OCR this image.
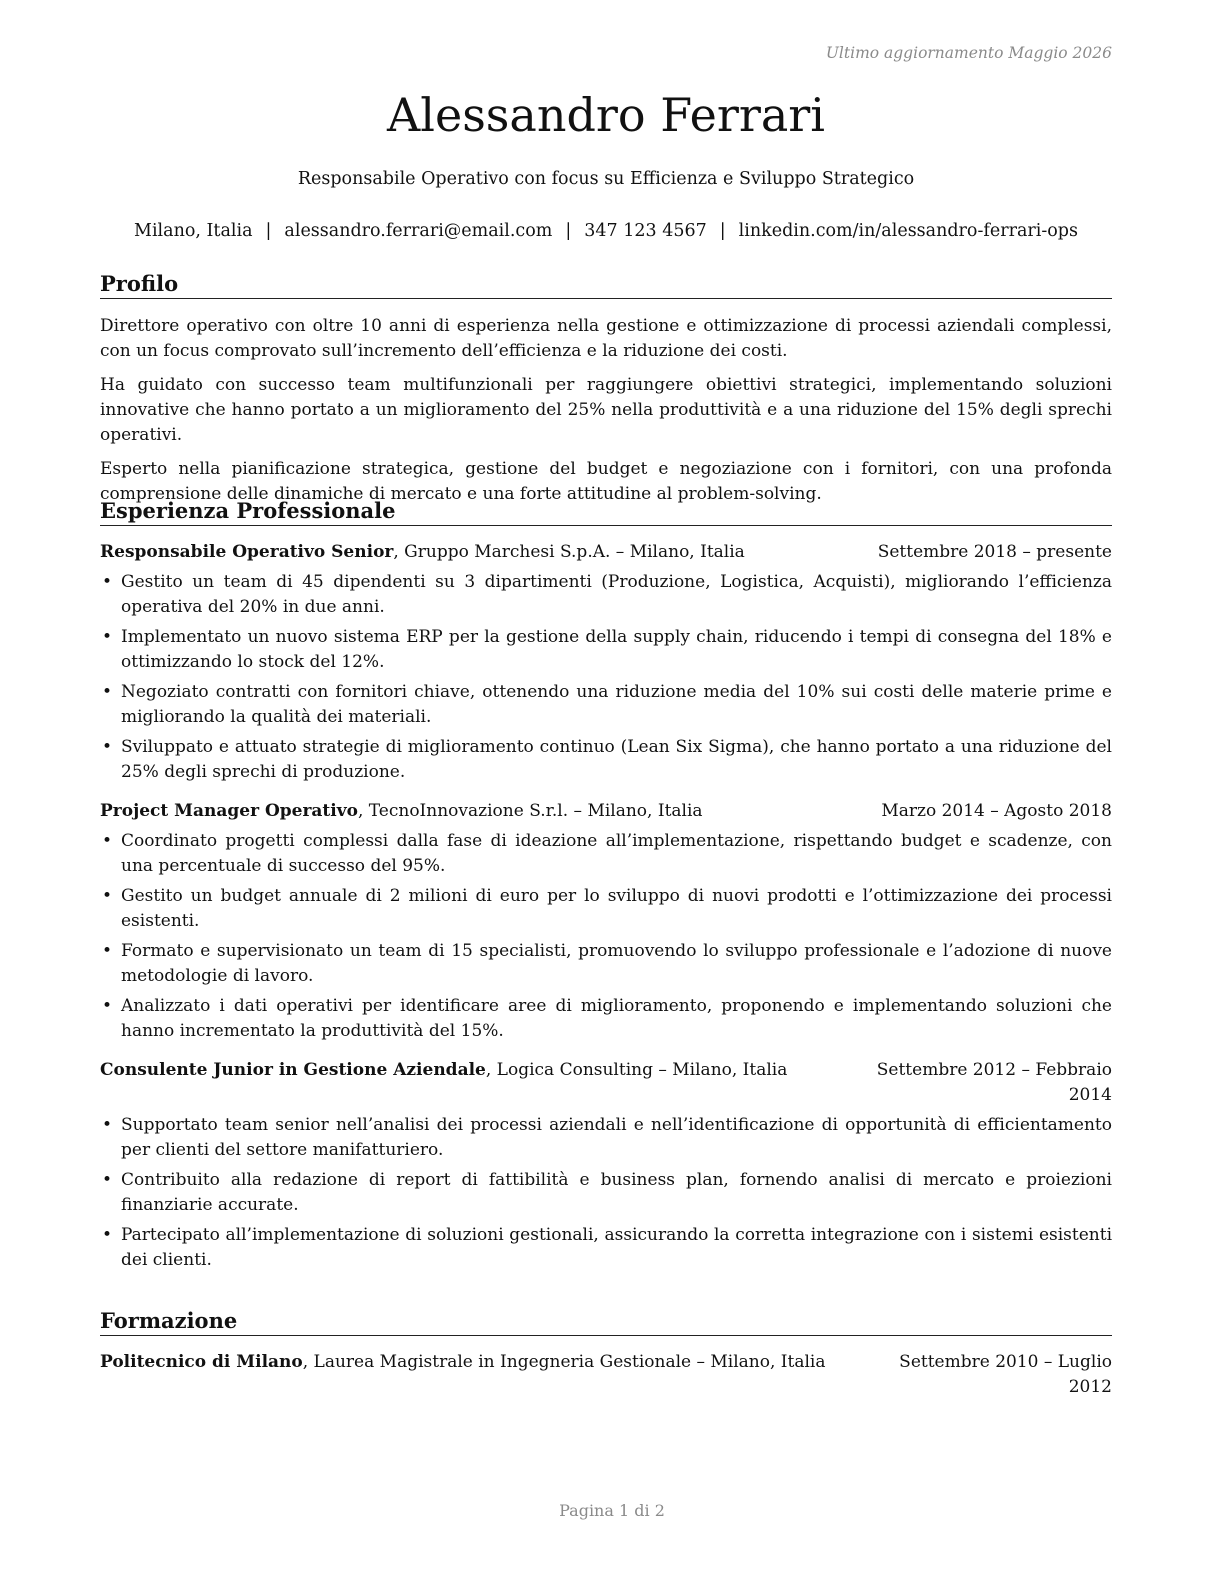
Ultimo aggiornamento Maggio 2026
Alessandro Ferrari
Responsabile Operativo con focus su Efficienza e Sviluppo Strategico
Milano, Italia | alessandro.ferrari@email.com | 347 123 4567 | linkedin.com/in/alessandro-ferrari-ops
Profilo

Direttore operativo con oltre 10 anni di esperienza nella gestione e ottimizzazione di processi aziendali complessi, con un focus comprovato sull’incremento dell’efficienza e la riduzione dei costi.

Ha guidato con successo team multifunzionali per raggiungere obiettivi strategici, implementando soluzioni innovative che hanno portato a un miglioramento del 25% nella produttività e a una riduzione del 15% degli sprechi operativi.

Esperto nella pianificazione strategica, gestione del budget e negoziazione con i fornitori, con una profonda comprensione delle dinamiche di mercato e una forte attitudine al problem-solving.

Esperienza Professionale
Responsabile Operativo Senior, Gruppo Marchesi S.p.A. – Milano, Italia	Settembre 2018 – presente
• Gestito un team di 45 dipendenti su 3 dipartimenti (Produzione, Logistica, Acquisti), migliorando l’efficienza operativa del 20% in due anni.
• Implementato un nuovo sistema ERP per la gestione della supply chain, riducendo i tempi di consegna del 18% e ottimizzando lo stock del 12%.
• Negoziato contratti con fornitori chiave, ottenendo una riduzione media del 10% sui costi delle materie prime e migliorando la qualità dei materiali.
• Sviluppato e attuato strategie di miglioramento continuo (Lean Six Sigma), che hanno portato a una riduzione del 25% degli sprechi di produzione.
Project Manager Operativo, TecnoInnovazione S.r.l. – Milano, Italia	Marzo 2014 – Agosto 2018
• Coordinato progetti complessi dalla fase di ideazione all’implementazione, rispettando budget e scadenze, con una percentuale di successo del 95%.
• Gestito un budget annuale di 2 milioni di euro per lo sviluppo di nuovi prodotti e l’ottimizzazione dei processi esistenti.
• Formato e supervisionato un team di 15 specialisti, promuovendo lo sviluppo professionale e l’adozione di nuove metodologie di lavoro.
• Analizzato i dati operativi per identificare aree di miglioramento, proponendo e implementando soluzioni che hanno incrementato la produttività del 15%.
Consulente Junior in Gestione Aziendale, Logica Consulting – Milano, Italia	Settembre 2012 – Febbraio 2014
• Supportato team senior nell’analisi dei processi aziendali e nell’identificazione di opportunità di efficientamento per clienti del settore manifatturiero.
• Contribuito alla redazione di report di fattibilità e business plan, fornendo analisi di mercato e proiezioni finanziarie accurate.
• Partecipato all’implementazione di soluzioni gestionali, assicurando la corretta integrazione con i sistemi esistenti dei clienti.
Formazione
Politecnico di Milano, Laurea Magistrale in Ingegneria Gestionale – Milano, Italia	Settembre 2010 – Luglio 2012
Pagina 1 di 2
